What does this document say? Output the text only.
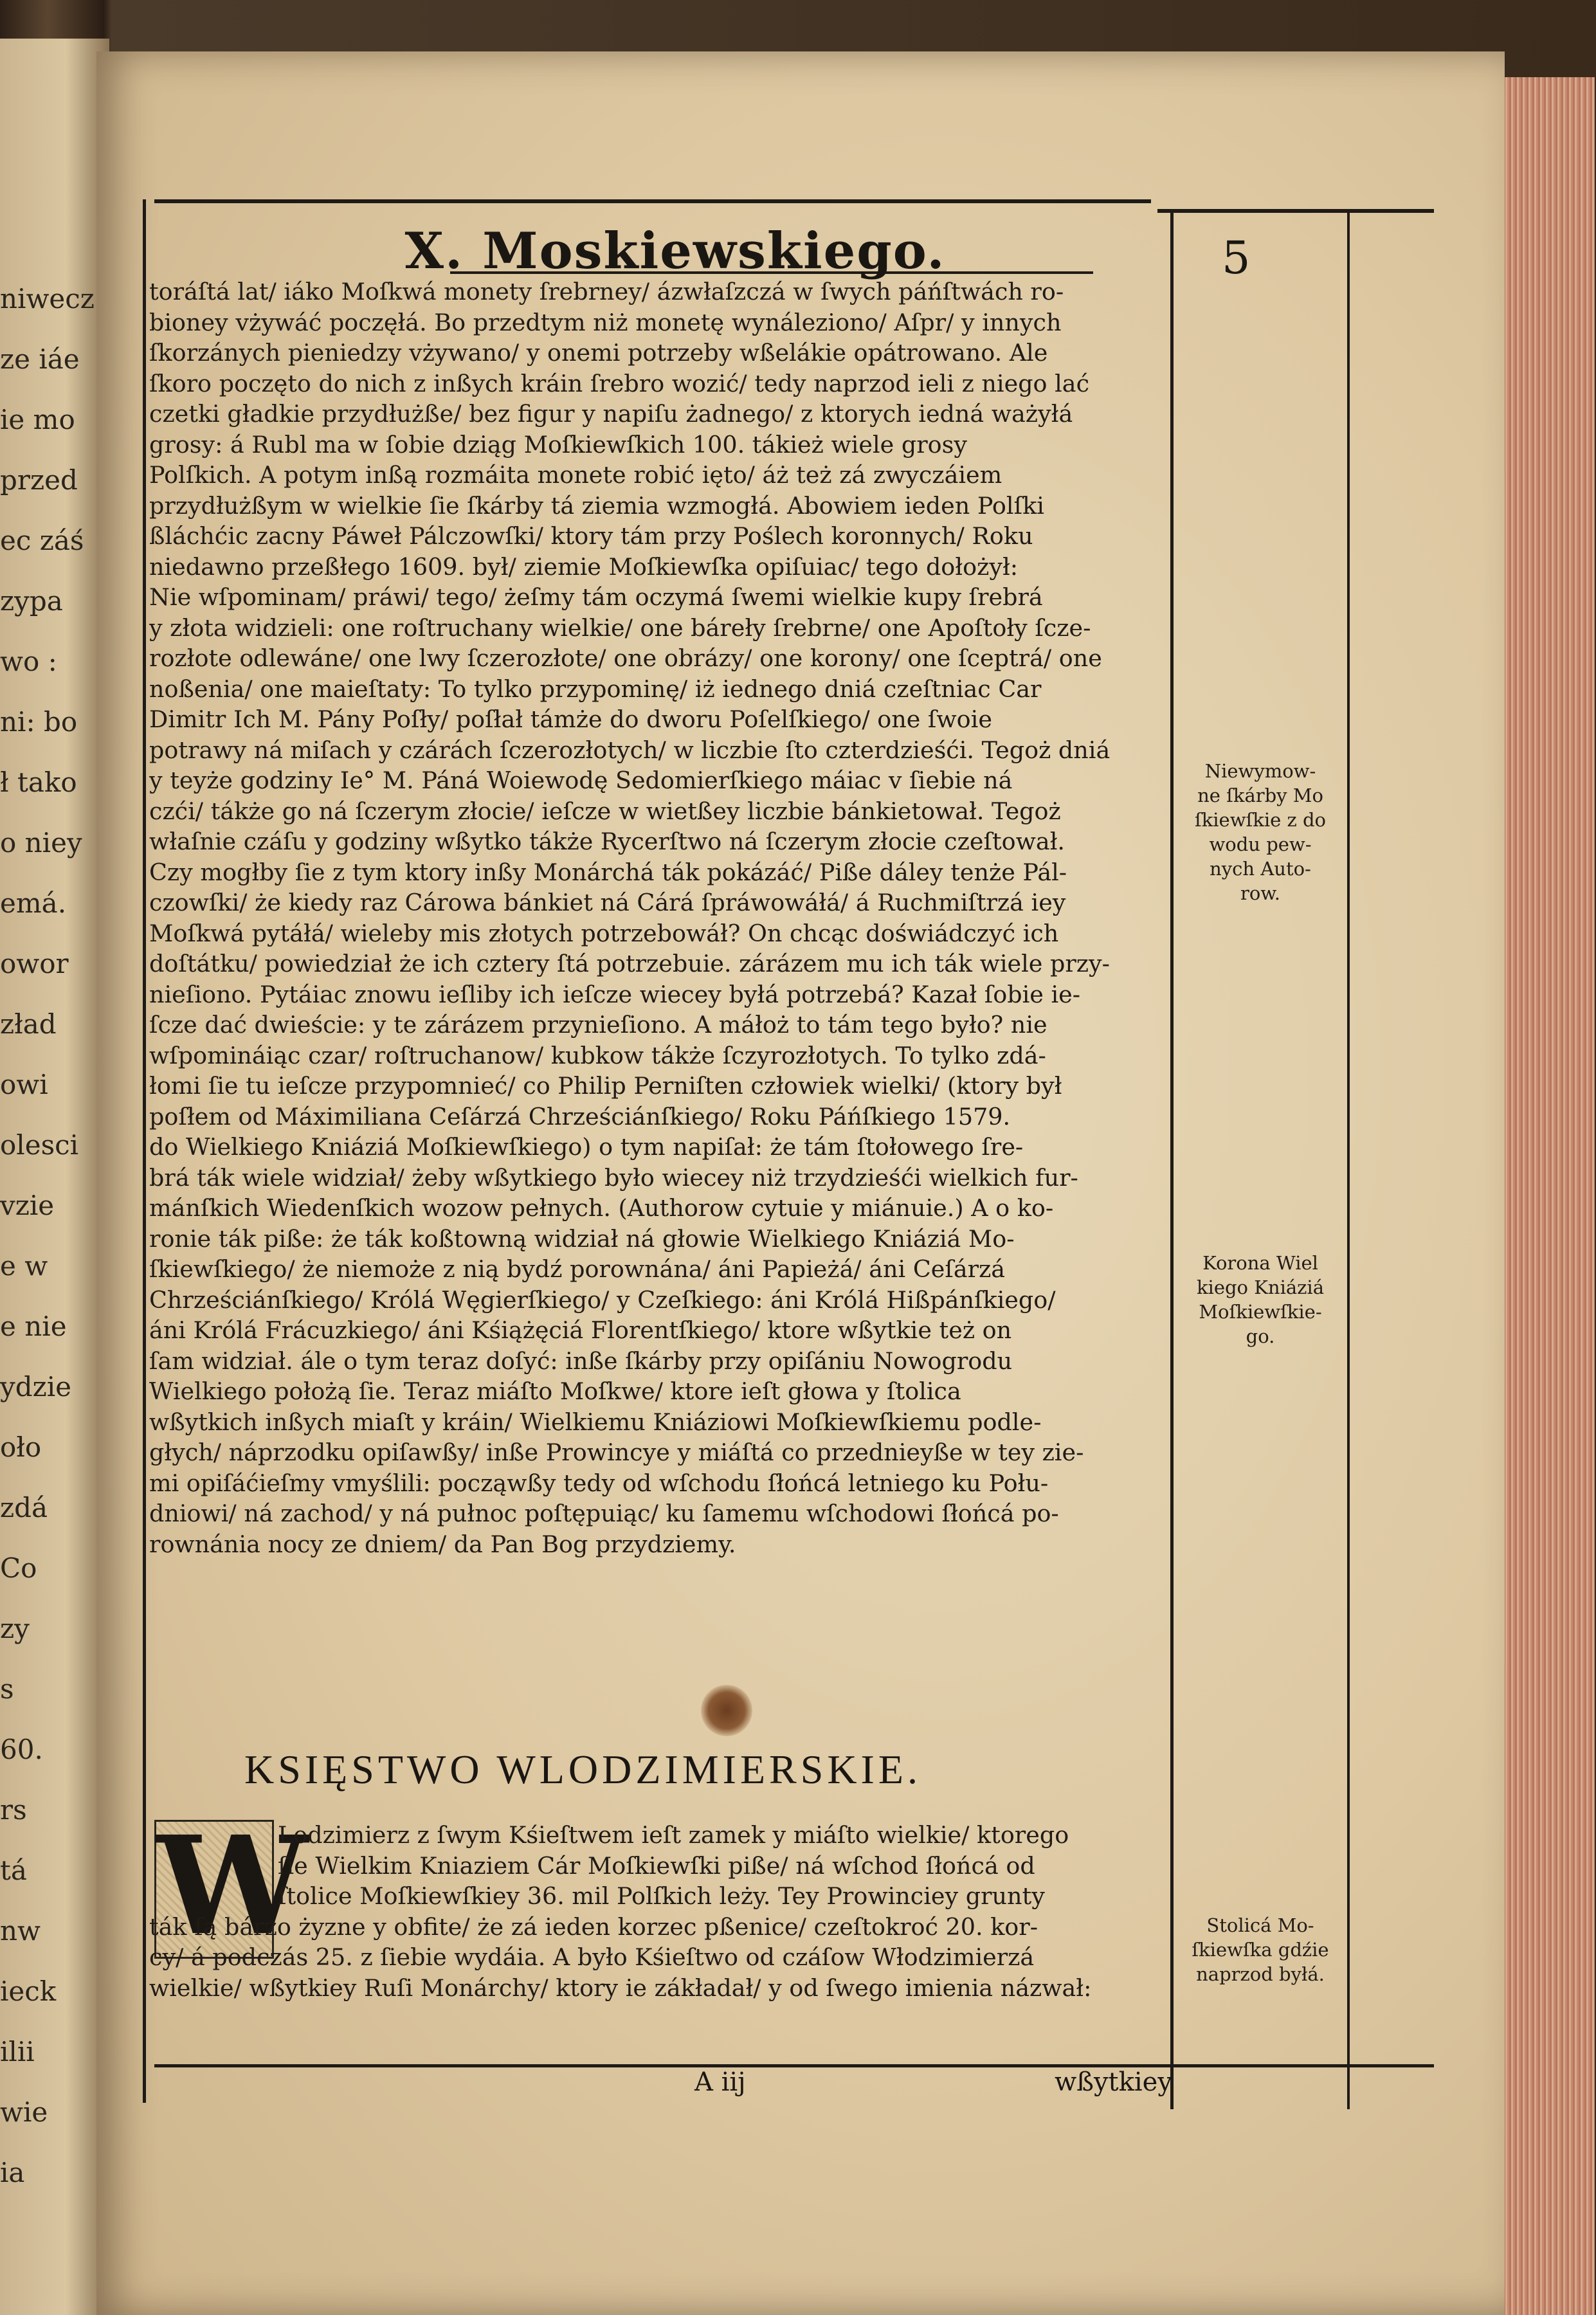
niwecz
ze iáe
ie mo
przed
ec záś
zypa
wo :
ni: bo
ł tako
o niey
emá.
owor
zład
owi
olesci
vzie
e w
e nie
ydzie
oło
zdá
Co
zy
s
60.
rs
tá
nw
ieck
ilii
wie
ia
X. Moskiewskiego.	5
toráſtá lat/ iáko Moſkwá monety ſrebrney/ ázwłaſzczá w ſwych páńſtwách ro-
bioney vżywáć poczęłá. Bo przedtym niż monetę wynáleziono/ Aſpr/ y innych
ſkorzánych pieniedzy vżywano/ y onemi potrzeby wßelákie opátrowano. Ale
ſkoro poczęto do nich z inßych kráin ſrebro wozić/ tedy naprzod ieli z niego lać
czetki gładkie przydłużße/ bez figur y napiſu żadnego/ z ktorych iedná ważyłá
grosy: á Rubl ma w ſobie dziąg Moſkiewſkich 100. tákież wiele grosy
Polſkich. A potym inßą rozmáita monete robić ięto/ áż też zá zwyczáiem
przydłużßym w wielkie ſie ſkárby tá ziemia wzmogłá. Abowiem ieden Polſki
ßláchćic zacny Páweł Pálczowſki/ ktory tám przy Poślech koronnych/ Roku
niedawno przeßłego 1609. był/ ziemie Moſkiewſka opiſuiac/ tego dołożył:
Nie wſpominam/ práwi/ tego/ żeſmy tám oczymá ſwemi wielkie kupy ſrebrá
y złota widzieli: one roſtruchany wielkie/ one báreły ſrebrne/ one Apoſtoły ſcze-
rozłote odlewáne/ one lwy ſczerozłote/ one obrázy/ one korony/ one ſceptrá/ one
noßenia/ one maieſtaty: To tylko przypominę/ iż iednego dniá czeſtniac Car
Dimitr Ich M. Pány Poſły/ poſłał támże do dworu Poſelſkiego/ one ſwoie
potrawy ná miſach y czárách ſczerozłotych/ w liczbie ſto czterdzieśći. Tegoż dniá
y teyże godziny Ie° M. Páná Woiewodę Sedomierſkiego máiac v ſiebie ná
czći/ tákże go ná ſczerym złocie/ ieſcze w wietßey liczbie bánkietował. Tegoż
właſnie czáſu y godziny wßytko tákże Rycerſtwo ná ſczerym złocie czeſtował.
Czy mogłby ſie z tym ktory inßy Monárchá ták pokázáć/ Piße dáley tenże Pál-
czowſki/ że kiedy raz Cárowa bánkiet ná Cárá ſpráwowáłá/ á Ruchmiſtrzá iey
Moſkwá pytáłá/ wieleby mis złotych potrzebowáł? On chcąc doświádczyć ich
doſtátku/ powiedział że ich cztery ſtá potrzebuie. zárázem mu ich ták wiele przy-
nieſiono. Pytáiac znowu ieſliby ich ieſcze wiecey byłá potrzebá? Kazał ſobie ie-
ſcze dać dwieście: y te zárázem przynieſiono. A máłoż to tám tego było? nie
wſpomináiąc czar/ roſtruchanow/ kubkow tákże ſczyrozłotych. To tylko zdá-
łomi ſie tu ieſcze przypomnieć/ co Philip Perniſten człowiek wielki/ (ktory był
poſłem od Máximiliana Ceſárzá Chrześciánſkiego/ Roku Páńſkiego 1579.
do Wielkiego Kniáziá Moſkiewſkiego) o tym napiſał: że tám ſtołowego ſre-
brá ták wiele widział/ żeby wßytkiego było wiecey niż trzydzieśći wielkich fur-
mánſkich Wiedenſkich wozow pełnych. (Authorow cytuie y miánuie.) A o ko-
ronie ták piße: że ták koßtowną widział ná głowie Wielkiego Kniáziá Mo-
ſkiewſkiego/ że niemoże z nią bydź porownána/ áni Papieżá/ áni Ceſárzá
Chrześciánſkiego/ Królá Węgierſkiego/ y Czeſkiego: áni Królá Hißpánſkiego/
áni Królá Frácuzkiego/ áni Kśiążęciá Florentſkiego/ ktore wßytkie też on
ſam widział. ále o tym teraz doſyć: inße ſkárby przy opiſániu Nowogrodu
Wielkiego położą ſie. Teraz miáſto Moſkwe/ ktore ieſt głowa y ſtolica
wßytkich inßych miaſt y kráin/ Wielkiemu Kniáziowi Moſkiewſkiemu podle-
głych/ náprzodku opiſawßy/ inße Prowincye y miáſtá co przednieyße w tey zie-
mi opiſáćieſmy vmyślili: począwßy tedy od wſchodu ſłońcá letniego ku Połu-
dniowi/ ná zachod/ y ná pułnoc poſtępuiąc/ ku ſamemu wſchodowi ſłońcá po-
rownánia nocy ze dniem/ da Pan Bog przydziemy.
Niewymow-
ne ſkárby Mo
ſkiewſkie z do
wodu pew-
nych Auto-
row.
Korona Wiel
kiego Kniáziá
Moſkiewſkie-
go.
Stolicá Mo-
ſkiewſka gdźie
naprzod byłá.
KSIĘSTWO WLODZIMIERSKIE.
W
Lodzimierz z ſwym Kśieſtwem ieſt zamek y miáſto wielkie/ ktorego
ſie Wielkim Kniaziem Cár Moſkiewſki piße/ ná wſchod ſłońcá od
ſtolice Moſkiewſkiey 36. mil Polſkich leży. Tey Prowinciey grunty
ták ſą bárzo żyzne y obfite/ że zá ieden korzec pßenice/ czeſtokroć 20. kor-
cy/ á podczás 25. z ſiebie wydáia. A było Kśieſtwo od czáſow Włodzimierzá
wielkie/ wßytkiey Ruſi Monárchy/ ktory ie zákładał/ y od ſwego imienia názwał:
A iij	wßytkiey
